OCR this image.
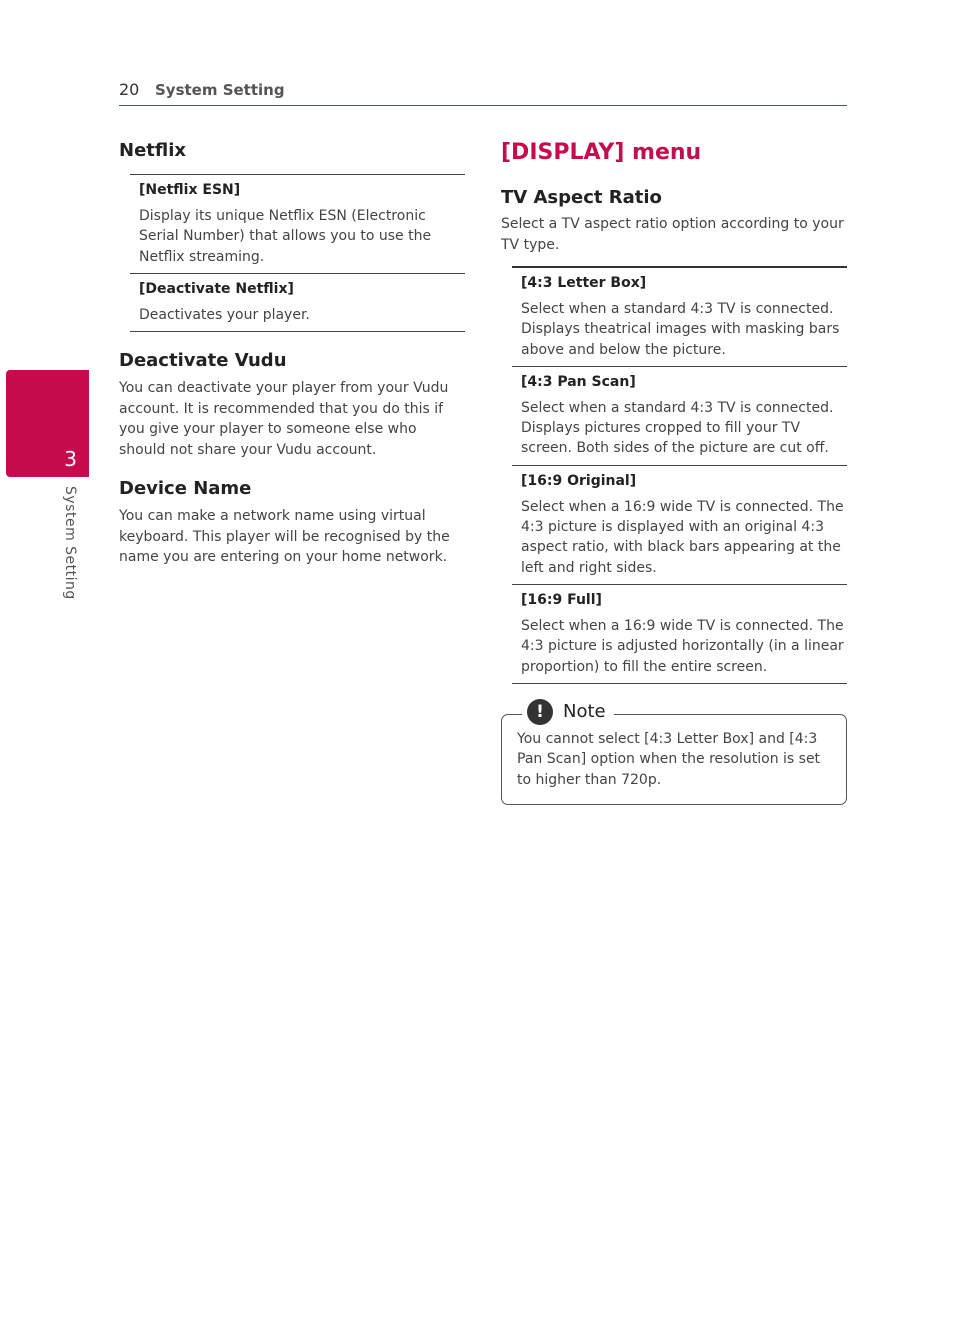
20 System Setting
3
System Setting
Netflix
[Netflix ESN]
Display its unique Netflix ESN (Electronic Serial Number) that allows you to use the Netflix streaming.
[Deactivate Netflix]
Deactivates your player.
Deactivate Vudu

You can deactivate your player from your Vudu account. It is recommended that you do this if you give your player to someone else who should not share your Vudu account.

Device Name

You can make a network name using virtual keyboard. This player will be recognised by the name you are entering on your home network.

[DISPLAY] menu
TV Aspect Ratio

Select a TV aspect ratio option according to your TV type.

[4:3 Letter Box]
Select when a standard 4:3 TV is connected. Displays theatrical images with masking bars above and below the picture.
[4:3 Pan Scan]
Select when a standard 4:3 TV is connected. Displays pictures cropped to fill your TV screen. Both sides of the picture are cut off.
[16:9 Original]
Select when a 16:9 wide TV is connected. The 4:3 picture is displayed with an original 4:3 aspect ratio, with black bars appearing at the left and right sides.
[16:9 Full]
Select when a 16:9 wide TV is connected. The 4:3 picture is adjusted horizontally (in a linear proportion) to fill the entire screen.
!	Note

You cannot select [4:3 Letter Box] and [4:3 Pan Scan] option when the resolution is set to higher than 720p.
